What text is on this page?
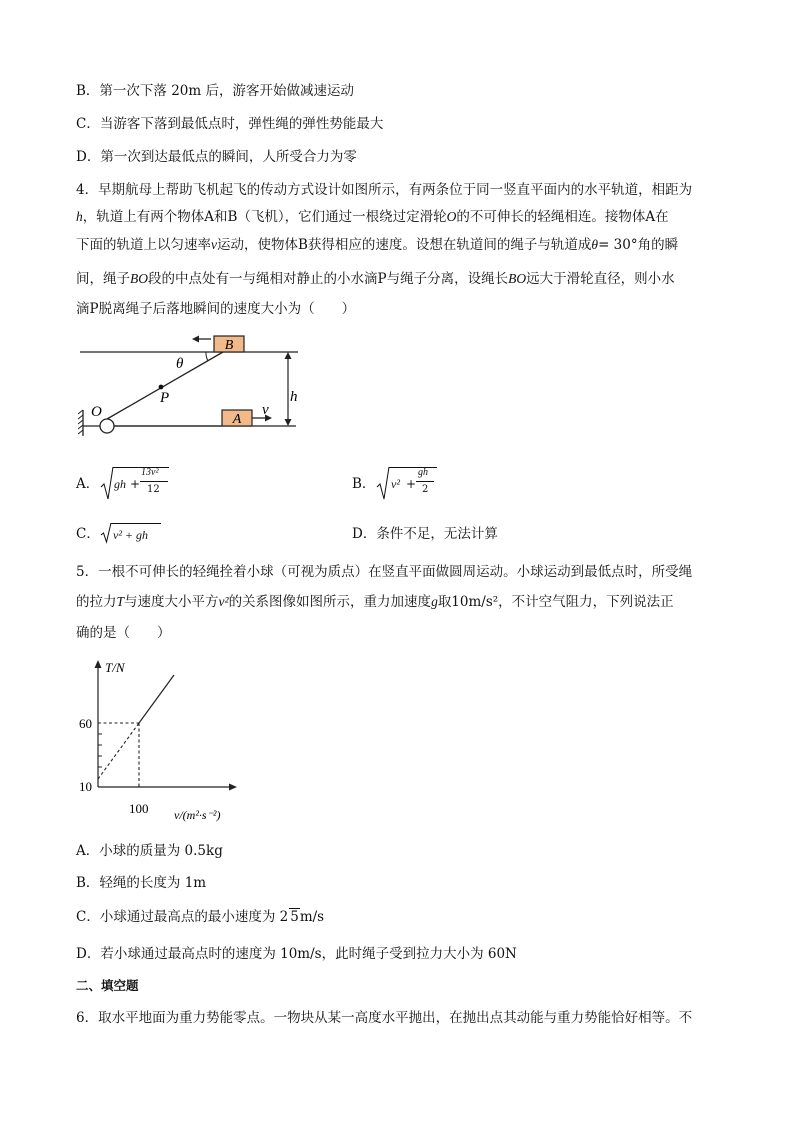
B．第一次下落 20m 后，游客开始做减速运动
C．当游客下落到最低点时，弹性绳的弹性势能最大
D．第一次到达最低点的瞬间，人所受合力为零
4．早期航母上帮助飞机起飞的传动方式设计如图所示，有两条位于同一竖直平面内的水平轨道，相距为
h，轨道上有两个物体A和B（飞机），它们通过一根绕过定滑轮O的不可伸长的轻绳相连。接物体A在
下面的轨道上以匀速率v运动，使物体B获得相应的速度。设想在轨道间的绳子与轨道成θ= 30°角的瞬
间，绳子BO段的中点处有一与绳相对静止的小水滴P与绳子分离，设绳长BO远大于滑轮直径，则小水
滴P脱离绳子后落地瞬间的速度大小为（　　）
B
A
O
P
θ
h
v
A． gh +
13v²
12	B． v² +
gh
2
C． v² + gh	D．条件不足，无法计算
5．一根不可伸长的轻绳拴着小球（可视为质点）在竖直平面做圆周运动。小球运动到最低点时，所受绳
的拉力T与速度大小平方v²的关系图像如图所示，重力加速度g取10m/s²，不计空气阻力，下列说法正
确的是（　　）
T/N
60
10
100 v/(m²·s⁻²)
A．小球的质量为 0.5kg
B．轻绳的长度为 1m
C．小球通过最高点的最小速度为 2 5m/s
D．若小球通过最高点时的速度为 10m/s，此时绳子受到拉力大小为 60N
二、填空题
6．取水平地面为重力势能零点。一物块从某一高度水平抛出，在抛出点其动能与重力势能恰好相等。不
